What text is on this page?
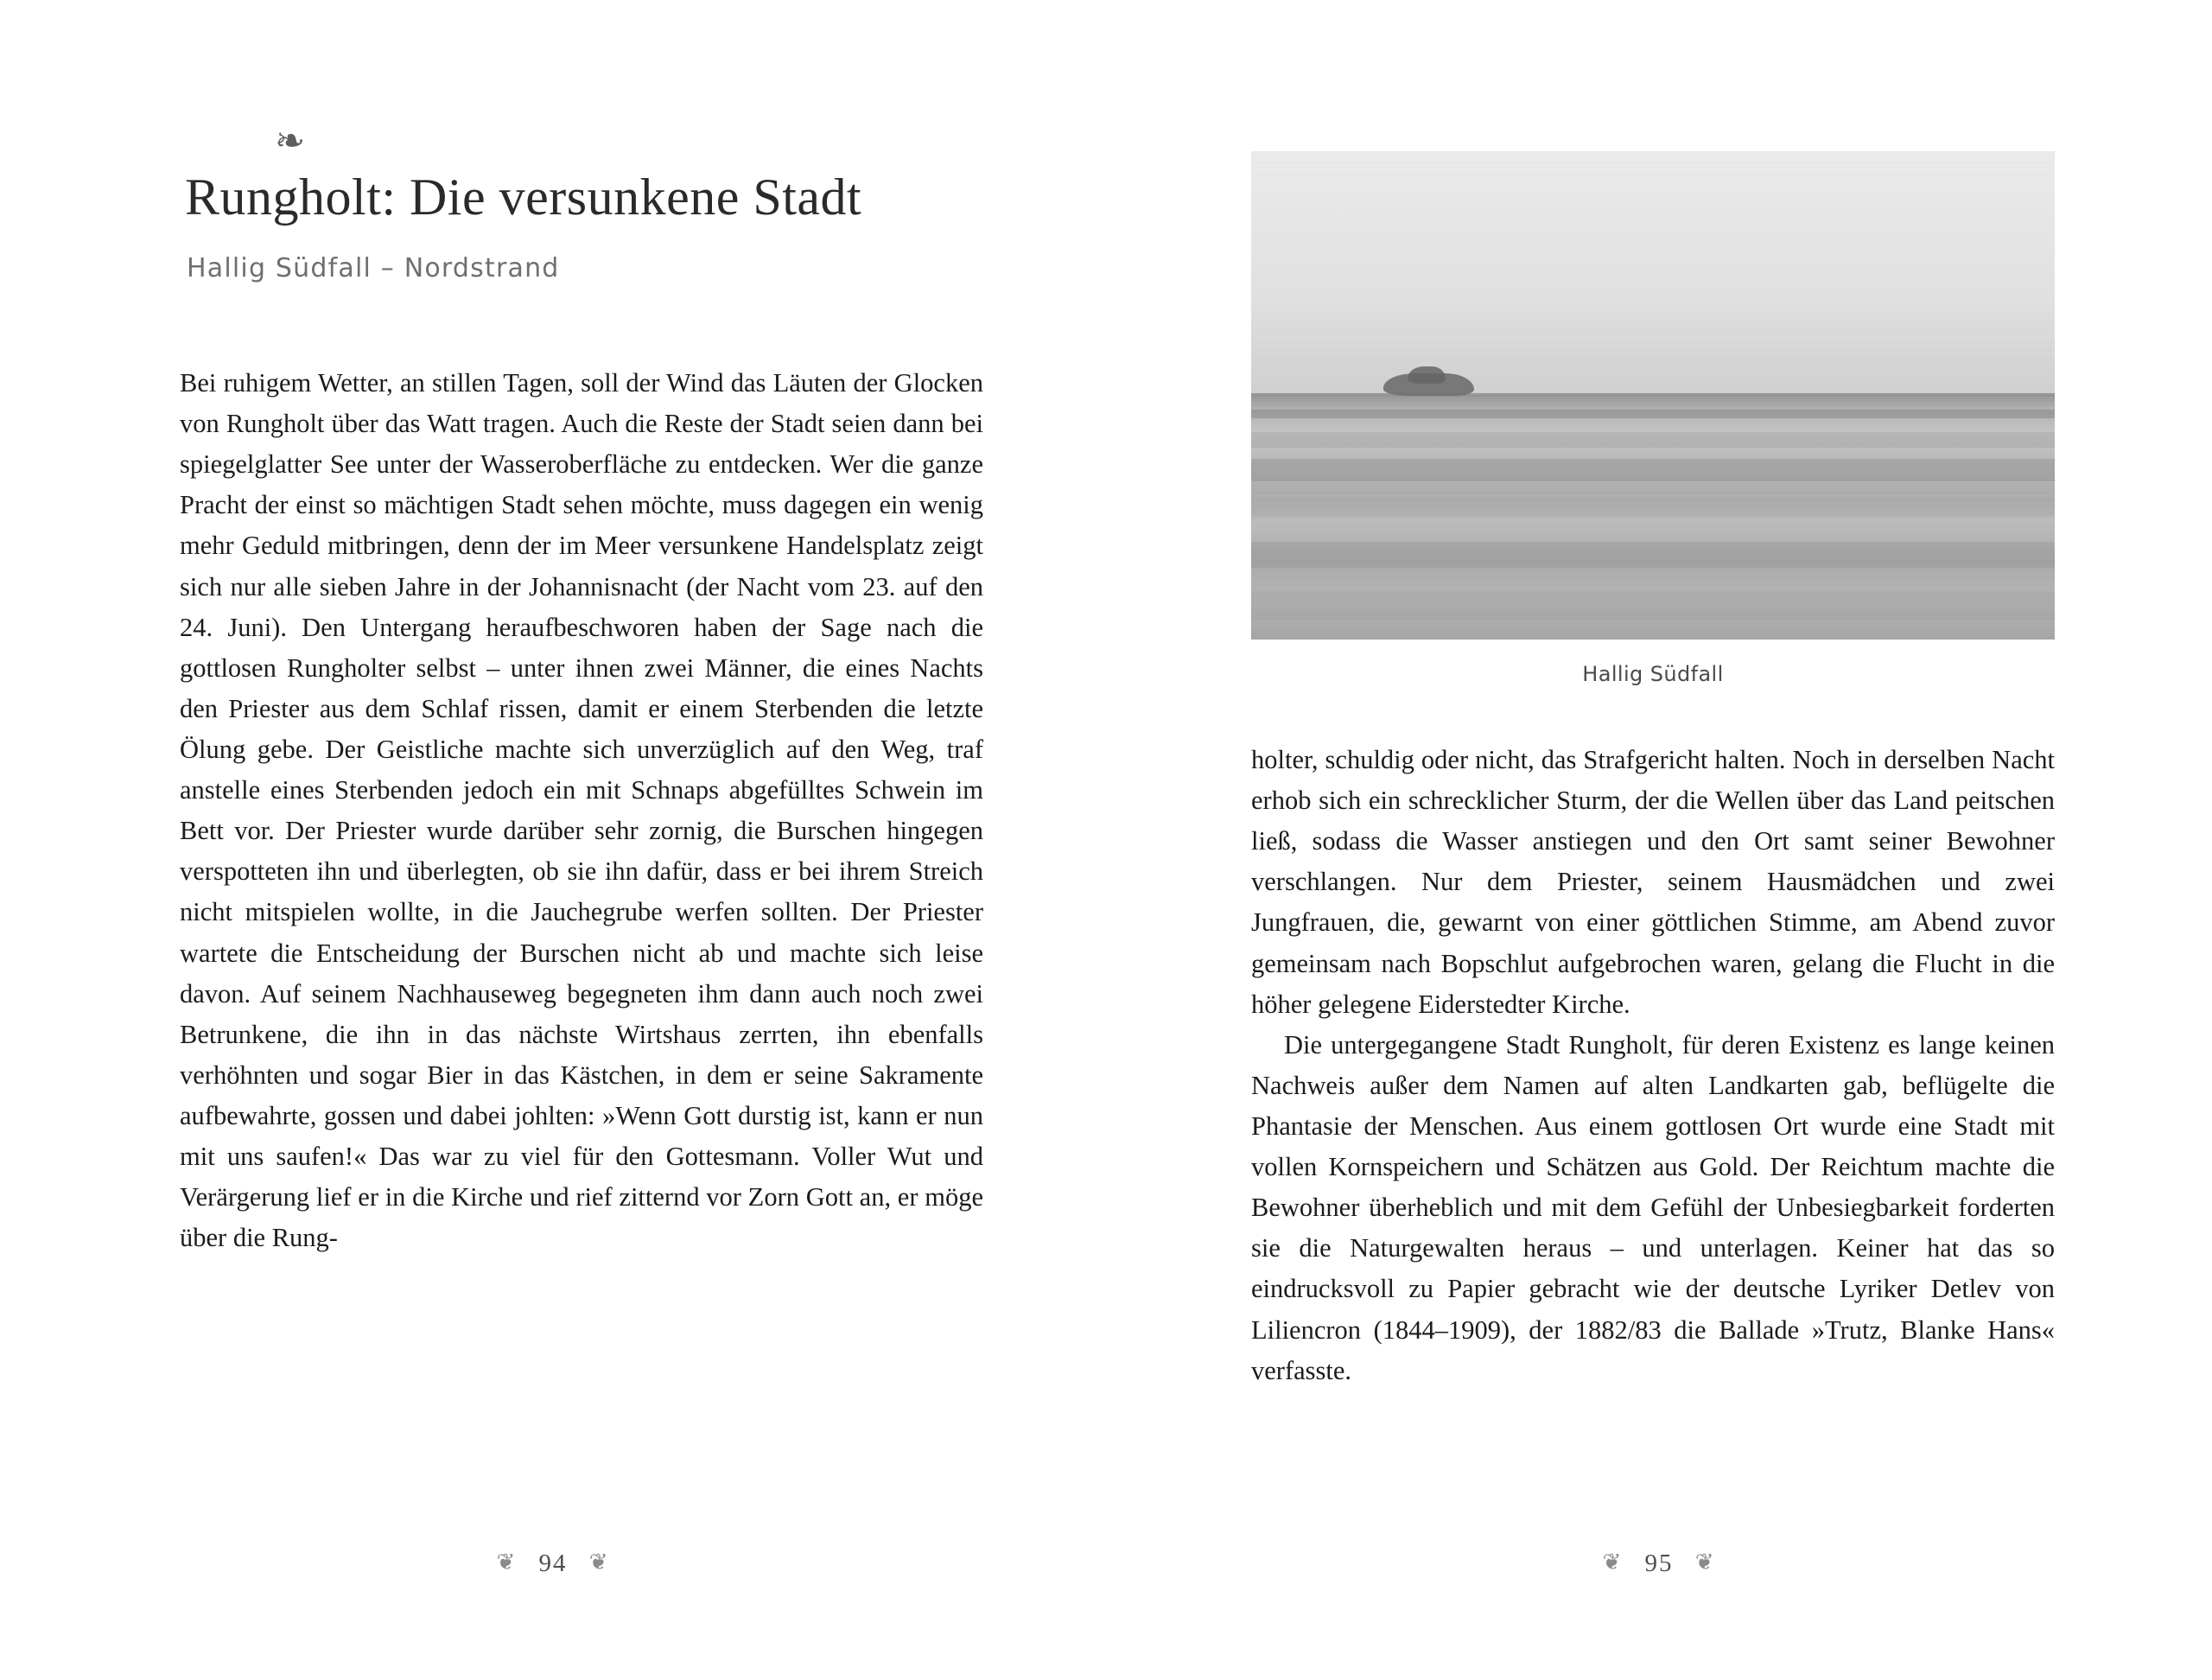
❧
Rungholt: Die versunkene Stadt
Hallig Südfall – Nordstrand

Bei ruhigem Wetter, an stillen Tagen, soll der Wind das Läuten der Glocken von Rungholt über das Watt tragen. Auch die Reste der Stadt seien dann bei spiegelglatter See unter der Wasseroberfläche zu entdecken. Wer die ganze Pracht der einst so mächtigen Stadt sehen möchte, muss dagegen ein wenig mehr Geduld mitbringen, denn der im Meer versunkene Handelsplatz zeigt sich nur alle sieben Jahre in der Johannisnacht (der Nacht vom 23. auf den 24. Juni). Den Untergang heraufbeschworen haben der Sage nach die gottlosen Rungholter selbst – unter ihnen zwei Männer, die eines Nachts den Priester aus dem Schlaf rissen, damit er einem Sterbenden die letzte Ölung gebe. Der Geistliche machte sich unverzüglich auf den Weg, traf anstelle eines Sterbenden jedoch ein mit Schnaps abgefülltes Schwein im Bett vor. Der Priester wurde darüber sehr zornig, die Burschen hingegen verspotteten ihn und überlegten, ob sie ihn dafür, dass er bei ihrem Streich nicht mitspielen wollte, in die Jauchegrube werfen sollten. Der Priester wartete die Entscheidung der Burschen nicht ab und machte sich leise davon. Auf seinem Nachhauseweg begegneten ihm dann auch noch zwei Betrunkene, die ihn in das nächste Wirtshaus zerrten, ihn ebenfalls verhöhnten und sogar Bier in das Kästchen, in dem er seine Sakramente aufbewahrte, gossen und dabei johlten: »Wenn Gott durstig ist, kann er nun mit uns saufen!« Das war zu viel für den Gottesmann. Voller Wut und Verärgerung lief er in die Kirche und rief zitternd vor Zorn Gott an, er möge über die Rung-

❦ 94 ❦
Hallig Südfall

holter, schuldig oder nicht, das Strafgericht halten. Noch in derselben Nacht erhob sich ein schrecklicher Sturm, der die Wellen über das Land peitschen ließ, sodass die Wasser anstiegen und den Ort samt seiner Bewohner verschlangen. Nur dem Priester, seinem Hausmädchen und zwei Jungfrauen, die, gewarnt von einer göttlichen Stimme, am Abend zuvor gemeinsam nach Bopschlut aufgebrochen waren, gelang die Flucht in die höher gelegene Eiderstedter Kirche.

Die untergegangene Stadt Rungholt, für deren Existenz es lange keinen Nachweis außer dem Namen auf alten Landkarten gab, beflügelte die Phantasie der Menschen. Aus einem gottlosen Ort wurde eine Stadt mit vollen Kornspeichern und Schätzen aus Gold. Der Reichtum machte die Bewohner überheblich und mit dem Gefühl der Unbesiegbarkeit forderten sie die Naturgewalten heraus – und unterlagen. Keiner hat das so eindrucksvoll zu Papier gebracht wie der deutsche Lyriker Detlev von Liliencron (1844–1909), der 1882/83 die Ballade »Trutz, Blanke Hans« verfasste.

❦ 95 ❦
